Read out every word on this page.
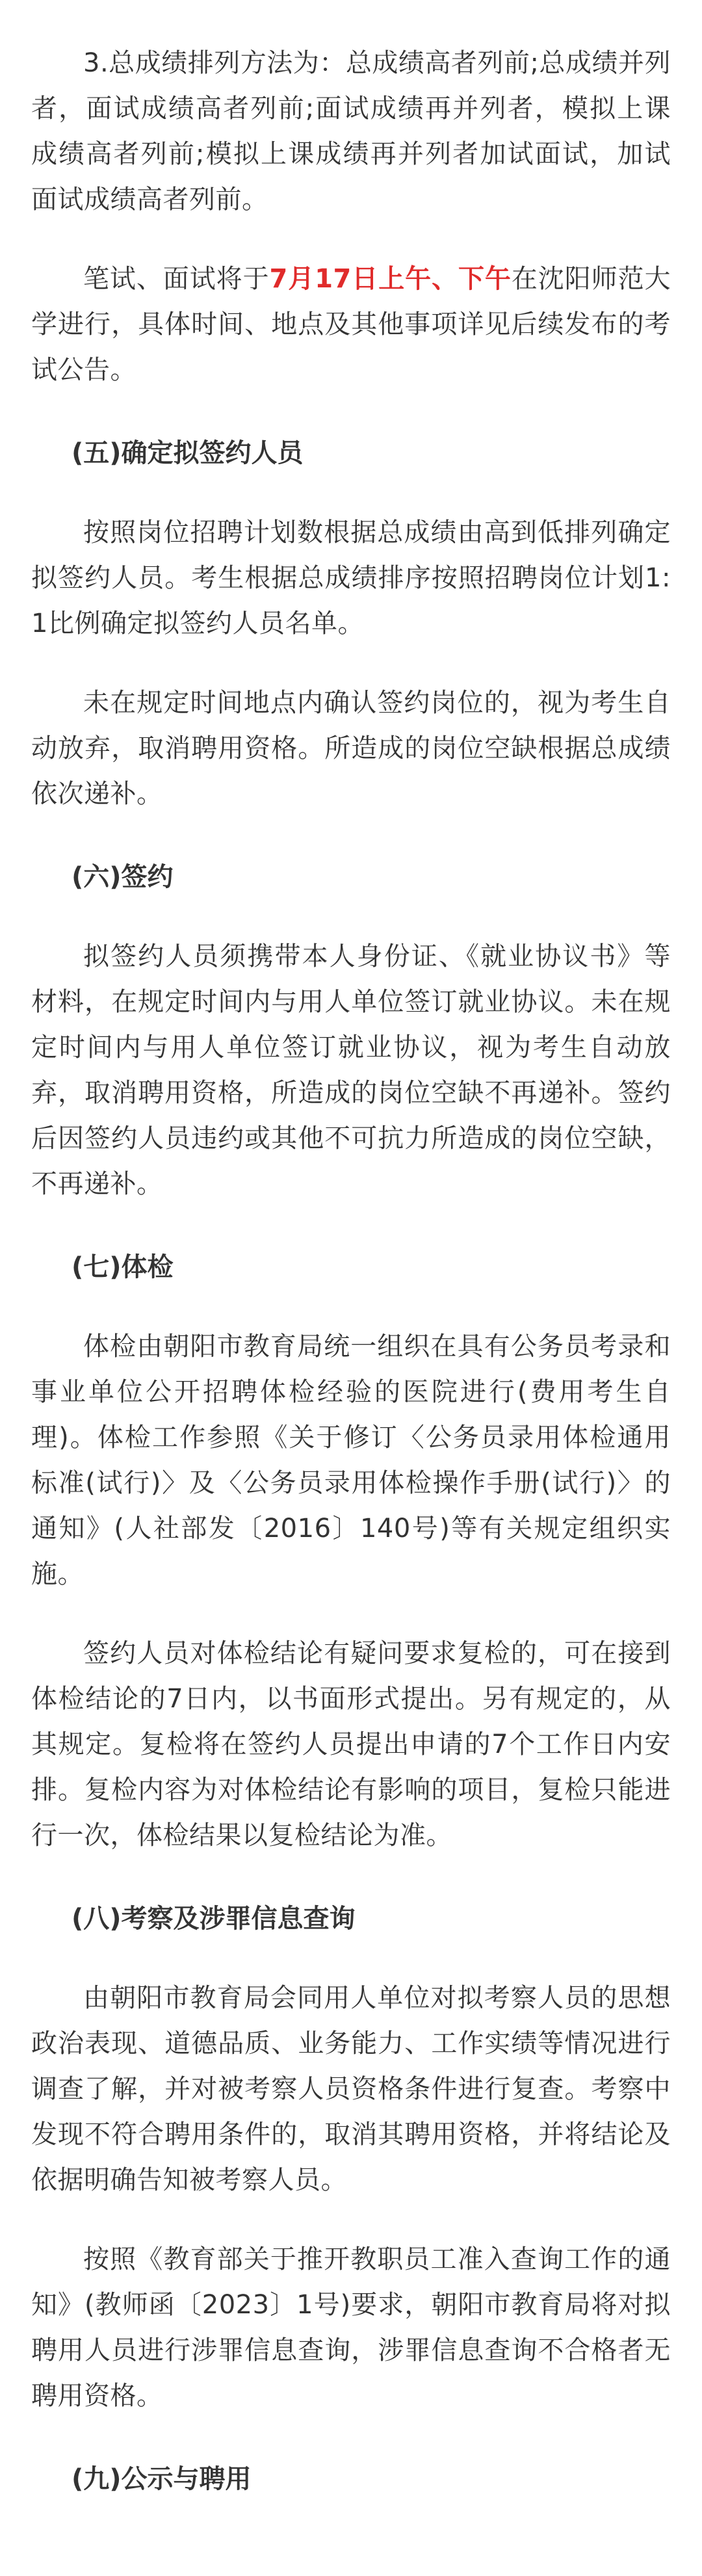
3.总成绩排列方法为：总成绩高者列前;总成绩并列者，面试成绩高者列前;面试成绩再并列者，模拟上课成绩高者列前;模拟上课成绩再并列者加试面试，加试面试成绩高者列前。

笔试、面试将于7月17日上午、下午在沈阳师范大学进行，具体时间、地点及其他事项详见后续发布的考试公告。

(五)确定拟签约人员

按照岗位招聘计划数根据总成绩由高到低排列确定拟签约人员。考生根据总成绩排序按照招聘岗位计划1:1比例确定拟签约人员名单。

未在规定时间地点内确认签约岗位的，视为考生自动放弃，取消聘用资格。所造成的岗位空缺根据总成绩依次递补。

(六)签约

拟签约人员须携带本人身份证、《就业协议书》等材料，在规定时间内与用人单位签订就业协议。未在规定时间内与用人单位签订就业协议，视为考生自动放弃，取消聘用资格，所造成的岗位空缺不再递补。签约后因签约人员违约或其他不可抗力所造成的岗位空缺，不再递补。

(七)体检

体检由朝阳市教育局统一组织在具有公务员考录和事业单位公开招聘体检经验的医院进行(费用考生自理)。体检工作参照《关于修订〈公务员录用体检通用标准(试行)〉及〈公务员录用体检操作手册(试行)〉的通知》(人社部发〔2016〕140号)等有关规定组织实施。

签约人员对体检结论有疑问要求复检的，可在接到体检结论的7日内，以书面形式提出。另有规定的，从其规定。复检将在签约人员提出申请的7个工作日内安排。复检内容为对体检结论有影响的项目，复检只能进行一次，体检结果以复检结论为准。

(八)考察及涉罪信息查询

由朝阳市教育局会同用人单位对拟考察人员的思想政治表现、道德品质、业务能力、工作实绩等情况进行调查了解，并对被考察人员资格条件进行复查。考察中发现不符合聘用条件的，取消其聘用资格，并将结论及依据明确告知被考察人员。

按照《教育部关于推开教职员工准入查询工作的通知》(教师函〔2023〕1号)要求，朝阳市教育局将对拟聘用人员进行涉罪信息查询，涉罪信息查询不合格者无聘用资格。

(九)公示与聘用
